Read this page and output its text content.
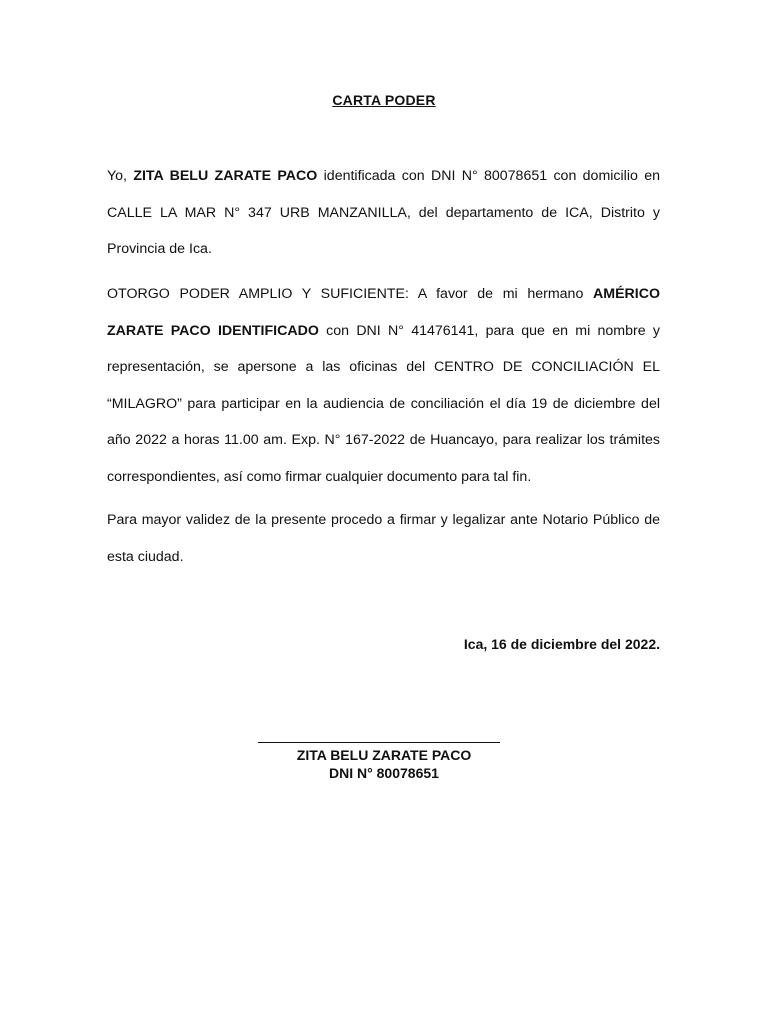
CARTA PODER

Yo, ZITA BELU ZARATE PACO identificada con DNI N° 80078651 con domicilio en CALLE LA MAR N° 347 URB MANZANILLA, del departamento de ICA, Distrito y Provincia de Ica.

OTORGO PODER AMPLIO Y SUFICIENTE: A favor de mi hermano AMÉRICO ZARATE PACO IDENTIFICADO con DNI N° 41476141, para que en mi nombre y representación, se apersone a las oficinas del CENTRO DE CONCILIACIÓN EL “MILAGRO” para participar en la audiencia de conciliación el día 19 de diciembre del año 2022 a horas 11.00 am. Exp. N° 167-2022 de Huancayo, para realizar los trámites correspondientes, así como firmar cualquier documento para tal fin.

Para mayor validez de la presente procedo a firmar y legalizar ante Notario Público de esta ciudad.

Ica, 16 de diciembre del 2022.
ZITA BELU ZARATE PACO
DNI N° 80078651
